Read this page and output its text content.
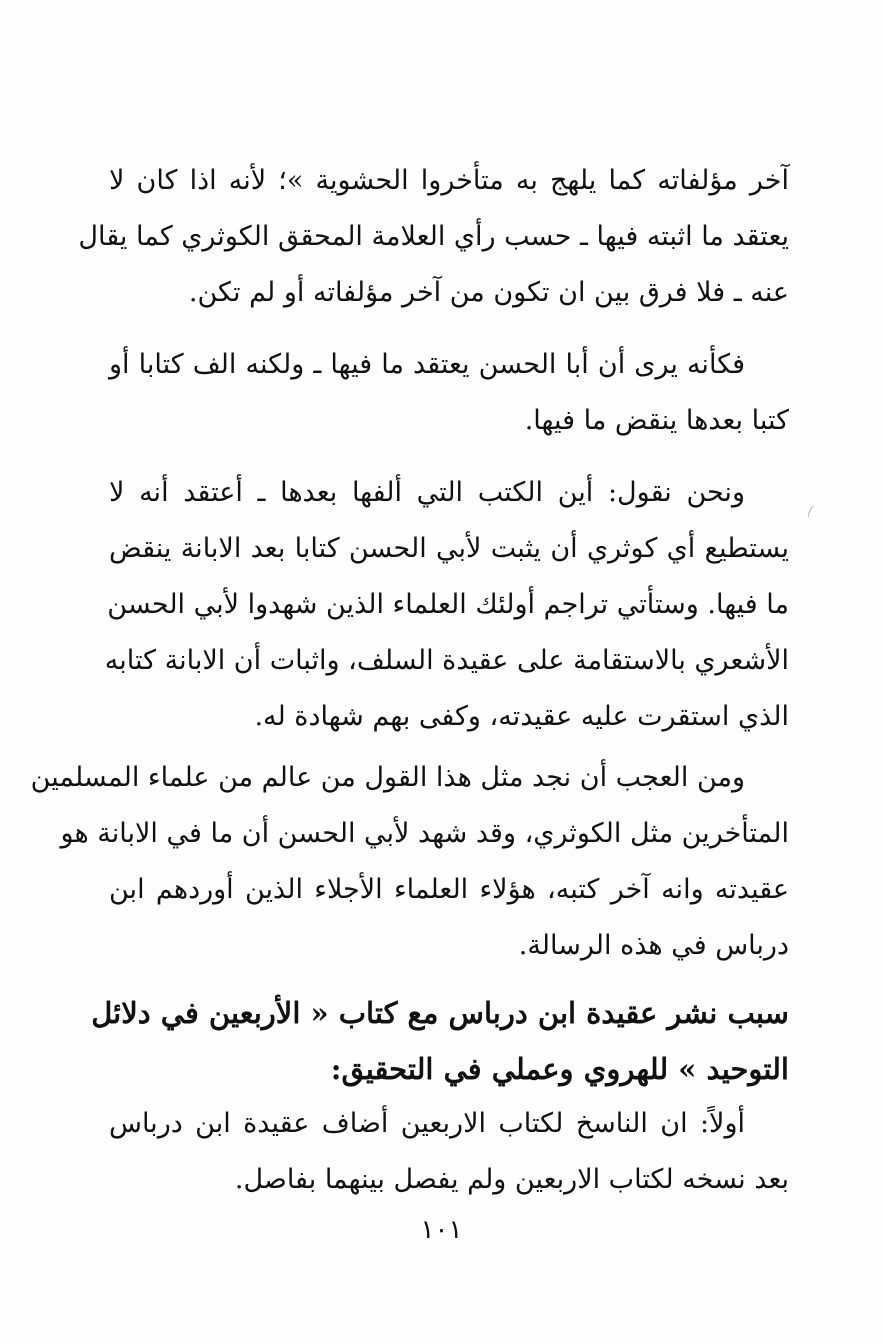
آخر مؤلفاته كما يلهج به متأخروا الحشوية »؛ لأنه اذا كان لا
يعتقد ما اثبته فيها ـ حسب رأي العلامة المحقق الكوثري كما يقال
عنه ـ فلا فرق بين ان تكون من آخر مؤلفاته أو لم تكن.
فكأنه يرى أن أبا الحسن يعتقد ما فيها ـ ولكنه الف كتابا أو
كتبا بعدها ينقض ما فيها.
ونحن نقول: أين الكتب التي ألفها بعدها ـ أعتقد أنه لا
يستطيع أي كوثري أن يثبت لأبي الحسن كتابا بعد الابانة ينقض
ما فيها. وستأتي تراجم أولئك العلماء الذين شهدوا لأبي الحسن
الأشعري بالاستقامة على عقيدة السلف، واثبات أن الابانة كتابه
الذي استقرت عليه عقيدته، وكفى بهم شهادة له.
ومن العجب أن نجد مثل هذا القول من عالم من علماء المسلمين
المتأخرين مثل الكوثري، وقد شهد لأبي الحسن أن ما في الابانة هو
عقيدته وانه آخر كتبه، هؤلاء العلماء الأجلاء الذين أوردهم ابن
درباس في هذه الرسالة.
سبب نشر عقيدة ابن درباس مع كتاب « الأربعين في دلائل
التوحيد » للهروي وعملي في التحقيق:
أولاً: ان الناسخ لكتاب الاربعين أضاف عقيدة ابن درباس
بعد نسخه لكتاب الاربعين ولم يفصل بينهما بفاصل.
١٠١
